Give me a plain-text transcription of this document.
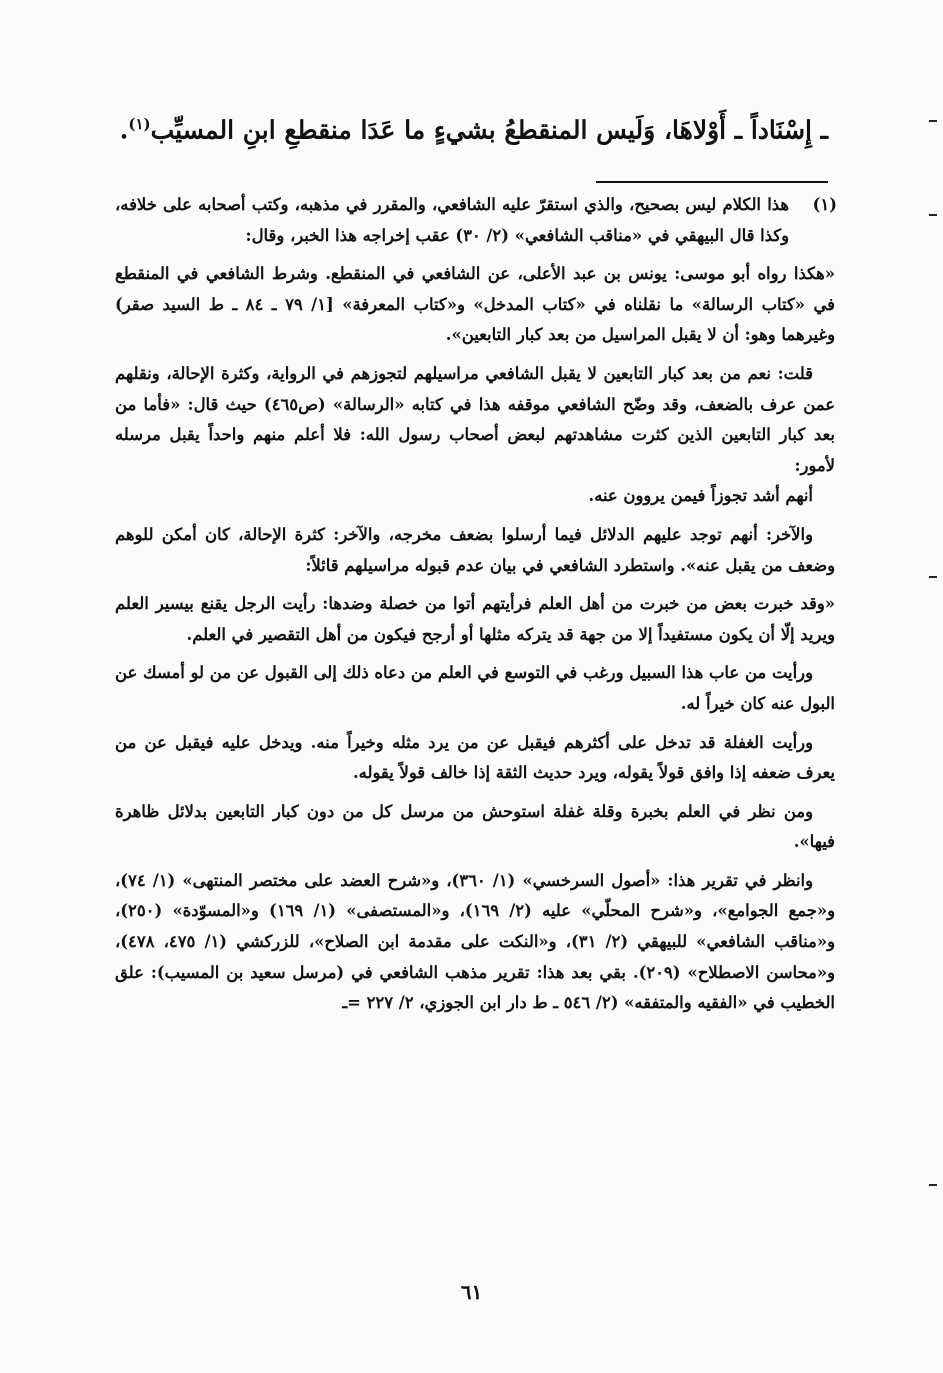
ـ إِسْنَاداً ـ أَوْلاهَا، وَلَيس المنقطعُ بشيءٍ ما عَدَا منقطعِ ابنِ المسيِّب$^{(١)}$.
(١)

هذا الكلام ليس بصحيح، والذي استقرّ عليه الشافعي، والمقرر في مذهبه، وكتب أصحابه على خلافه، وكذا قال البيهقي في «مناقب الشافعي» (٢/ ٣٠) عقب إخراجه هذا الخبر، وقال:

«هكذا رواه أبو موسى: يونس بن عبد الأعلى، عن الشافعي في المنقطع. وشرط الشافعي في المنقطع في «كتاب الرسالة» ما نقلناه في «كتاب المدخل» و«كتاب المعرفة» [١/ ٧٩ ـ ٨٤ ـ ط السيد صقر) وغيرهما وهو: أن لا يقبل المراسيل من بعد كبار التابعين».

قلت: نعم من بعد كبار التابعين لا يقبل الشافعي مراسيلهم لتجوزهم في الرواية، وكثرة الإحالة، ونقلهم عمن عرف بالضعف، وقد وضّح الشافعي موقفه هذا في كتابه «الرسالة» (ص٤٦٥) حيث قال: «فأما من بعد كبار التابعين الذين كثرت مشاهدتهم لبعض أصحاب رسول الله: فلا أعلم منهم واحداً يقبل مرسله لأمور:

أنهم أشد تجوزاً فيمن يروون عنه.

والآخر: أنهم توجد عليهم الدلائل فيما أرسلوا بضعف مخرجه، والآخر: كثرة الإحالة، كان أمكن للوهم وضعف من يقبل عنه». واستطرد الشافعي في بيان عدم قبوله مراسيلهم قائلاً:

«وقد خبرت بعض من خبرت من أهل العلم فرأيتهم أتوا من خصلة وضدها: رأيت الرجل يقنع بيسير العلم ويريد إلّا أن يكون مستفيداً إلا من جهة قد يتركه مثلها أو أرجح فيكون من أهل التقصير في العلم.

ورأيت من عاب هذا السبيل ورغب في التوسع في العلم من دعاه ذلك إلى القبول عن من لو أمسك عن البول عنه كان خيراً له.

ورأيت الغفلة قد تدخل على أكثرهم فيقبل عن من يرد مثله وخيراً منه. ويدخل عليه فيقبل عن من يعرف ضعفه إذا وافق قولاً يقوله، ويرد حديث الثقة إذا خالف قولاً يقوله.

ومن نظر في العلم بخبرة وقلة غفلة استوحش من مرسل كل من دون كبار التابعين بدلائل ظاهرة فيها».

وانظر في تقرير هذا: «أصول السرخسي» (١/ ٣٦٠)، و«شرح العضد على مختصر المنتهى» (١/ ٧٤)، و«جمع الجوامع»، و«شرح المحلّي» عليه (٢/ ١٦٩)، و«المستصفى» (١/ ١٦٩) و«المسوّدة» (٢٥٠)، و«مناقب الشافعي» للبيهقي (٢/ ٣١)، و«النكت على مقدمة ابن الصلاح»، للزركشي (١/ ٤٧٥، ٤٧٨)، و«محاسن الاصطلاح» (٢٠٩). بقي بعد هذا: تقرير مذهب الشافعي في (مرسل سعيد بن المسيب): علق الخطيب في «الفقيه والمتفقه» (٢/ ٥٤٦ ـ ط دار ابن الجوزي، ٢/ ٢٢٧ =ـ

٦١
